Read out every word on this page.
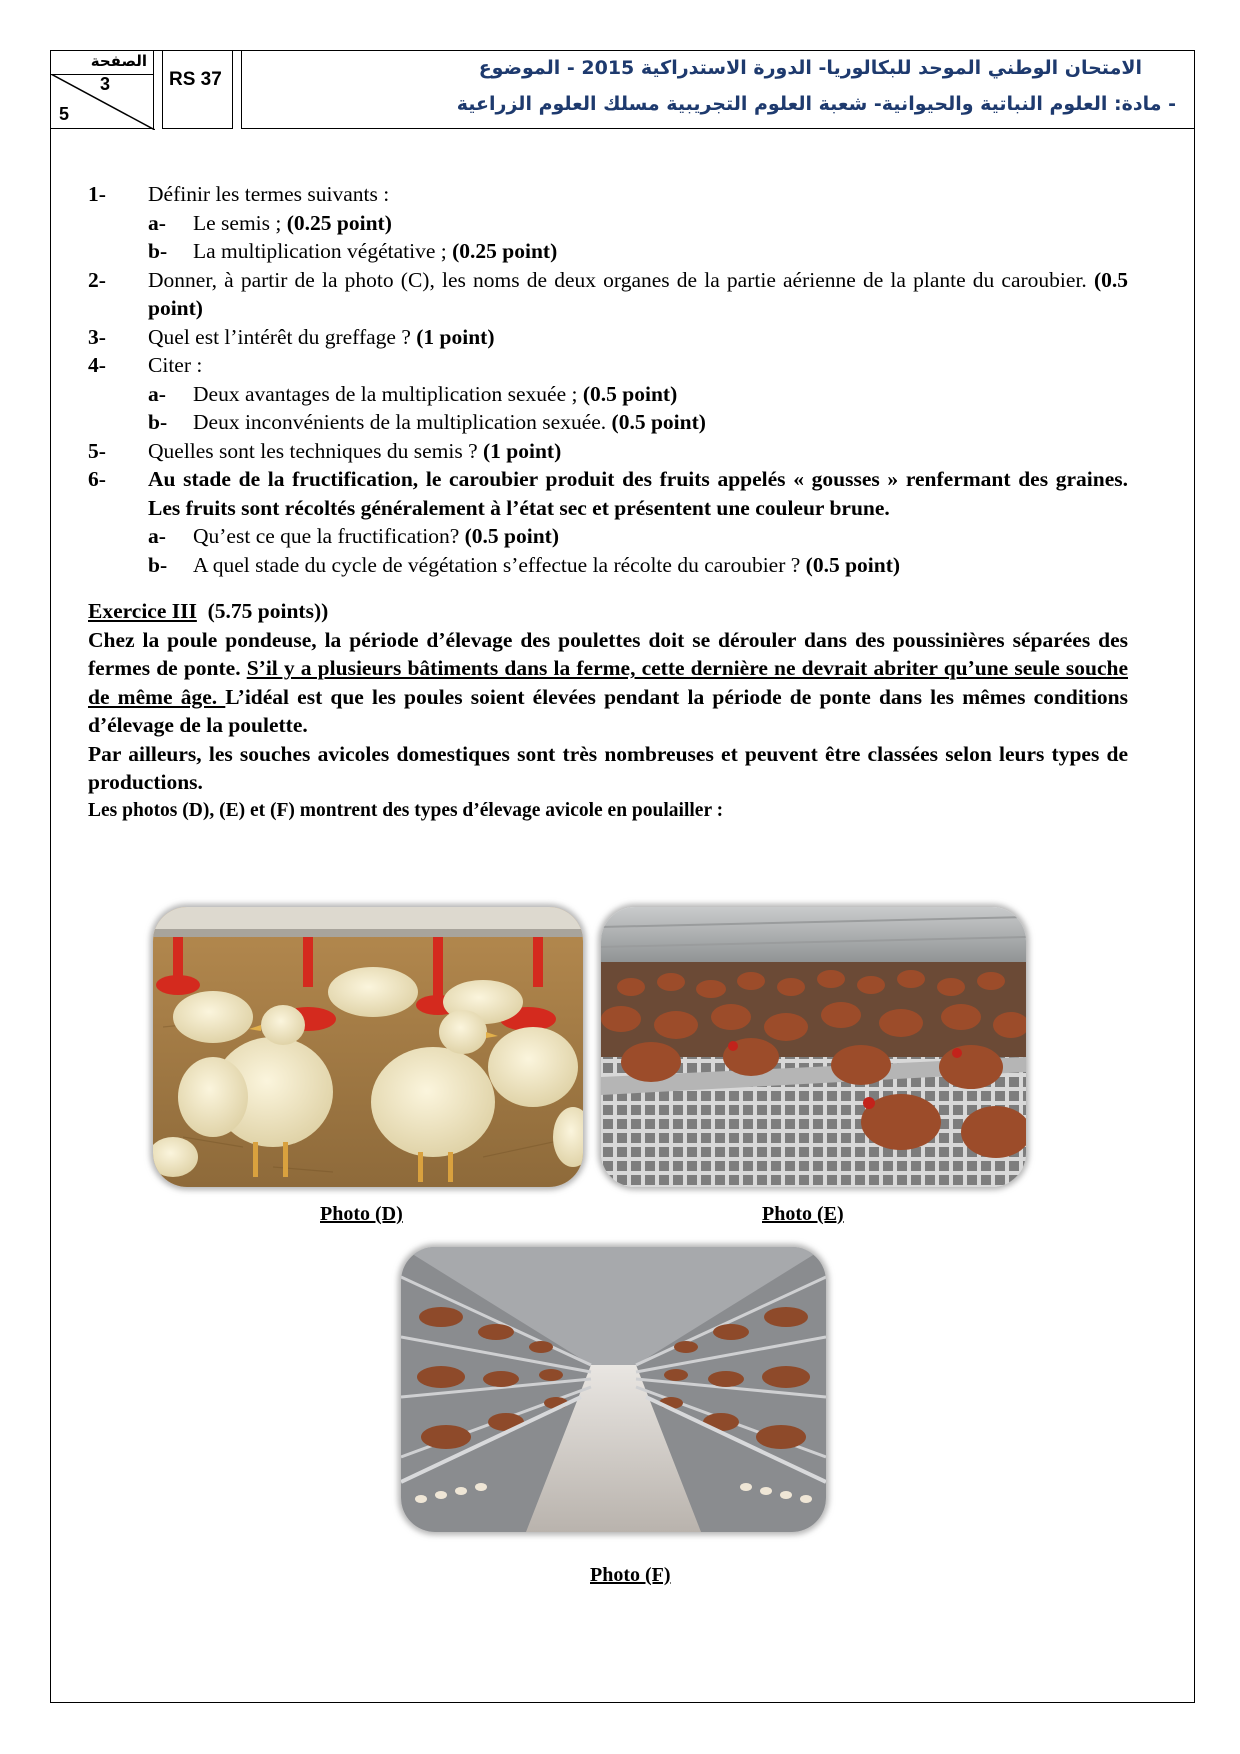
الصفحة
3
5
RS 37
الامتحان الوطني الموحد للبكالوريا- الدورة الاستدراكية 2015 - الموضوع
- مادة: العلوم النباتية والحيوانية- شعبة العلوم التجريبية مسلك العلوم الزراعية
1- Définir les termes suivants :
a- Le semis ; (0.25 point)
b- La multiplication végétative ; (0.25 point)
2- Donner, à partir de la photo (C), les noms de deux organes de la partie aérienne de la plante du caroubier. (0.5 point)
3- Quel est l’intérêt du greffage ? (1 point)
4- Citer :
a- Deux avantages de la multiplication sexuée ; (0.5 point)
b- Deux inconvénients de la multiplication sexuée. (0.5 point)
5- Quelles sont les techniques du semis ? (1 point)
6- Au stade de la fructification, le caroubier produit des fruits appelés « gousses » renfermant des graines. Les fruits sont récoltés généralement à l’état sec et présentent une couleur brune.
a- Qu’est ce que la fructification? (0.5 point)
b- A quel stade du cycle de végétation s’effectue la récolte du caroubier ? (0.5 point)
Exercice III  (5.75 points))
Chez la poule pondeuse, la période d’élevage des poulettes doit se dérouler dans des poussinières séparées des fermes de ponte. S’il y a plusieurs bâtiments dans la ferme, cette dernière ne devrait abriter qu’une seule souche de même âge. L’idéal est que les poules soient élevées pendant la période de ponte dans les mêmes conditions d’élevage de la poulette.
Par ailleurs, les souches avicoles domestiques sont très nombreuses et peuvent être classées selon leurs types de productions.
Les photos (D), (E) et (F) montrent des types d’élevage avicole en poulailler :
Photo (D)	Photo (E)
Photo (F)
